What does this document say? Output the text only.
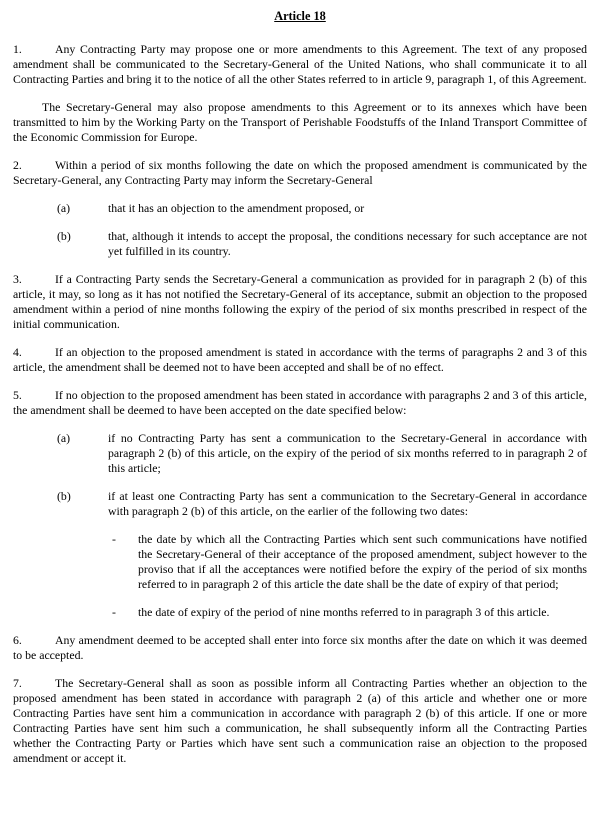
Article 18

1.	Any Contracting Party may propose one or more amendments to this Agreement. The text of any proposed amendment shall be communicated to the Secretary-General of the United Nations, who shall communicate it to all Contracting Parties and bring it to the notice of all the other States referred to in article 9, paragraph 1, of this Agreement.

The Secretary-General may also propose amendments to this Agreement or to its annexes which have been transmitted to him by the Working Party on the Transport of Perishable Foodstuffs of the Inland Transport Committee of the Economic Commission for Europe.

2.	Within a period of six months following the date on which the proposed amendment is communicated by the Secretary-General, any Contracting Party may inform the Secretary-General

(a)	that it has an objection to the amendment proposed, or

(b)	that, although it intends to accept the proposal, the conditions necessary for such acceptance are not yet fulfilled in its country.

3.	If a Contracting Party sends the Secretary-General a communication as provided for in paragraph 2 (b) of this article, it may, so long as it has not notified the Secretary-General of its acceptance, submit an objection to the proposed amendment within a period of nine months following the expiry of the period of six months prescribed in respect of the initial communication.

4.	If an objection to the proposed amendment is stated in accordance with the terms of paragraphs 2 and 3 of this article, the amendment shall be deemed not to have been accepted and shall be of no effect.

5.	If no objection to the proposed amendment has been stated in accordance with paragraphs 2 and 3 of this article, the amendment shall be deemed to have been accepted on the date specified below:

(a)	if no Contracting Party has sent a communication to the Secretary-General in accordance with paragraph 2 (b) of this article, on the expiry of the period of six months referred to in paragraph 2 of this article;

(b)	if at least one Contracting Party has sent a communication to the Secretary-General in accordance with paragraph 2 (b) of this article, on the earlier of the following two dates:

- the date by which all the Contracting Parties which sent such communications have notified the Secretary-General of their acceptance of the proposed amendment, subject however to the proviso that if all the acceptances were notified before the expiry of the period of six months referred to in paragraph 2 of this article the date shall be the date of expiry of that period;

- the date of expiry of the period of nine months referred to in paragraph 3 of this article.

6.	Any amendment deemed to be accepted shall enter into force six months after the date on which it was deemed to be accepted.

7.	The Secretary-General shall as soon as possible inform all Contracting Parties whether an objection to the proposed amendment has been stated in accordance with paragraph 2 (a) of this article and whether one or more Contracting Parties have sent him a communication in accordance with paragraph 2 (b) of this article. If one or more Contracting Parties have sent him such a communication, he shall subsequently inform all the Contracting Parties whether the Contracting Party or Parties which have sent such a communication raise an objection to the proposed amendment or accept it.
